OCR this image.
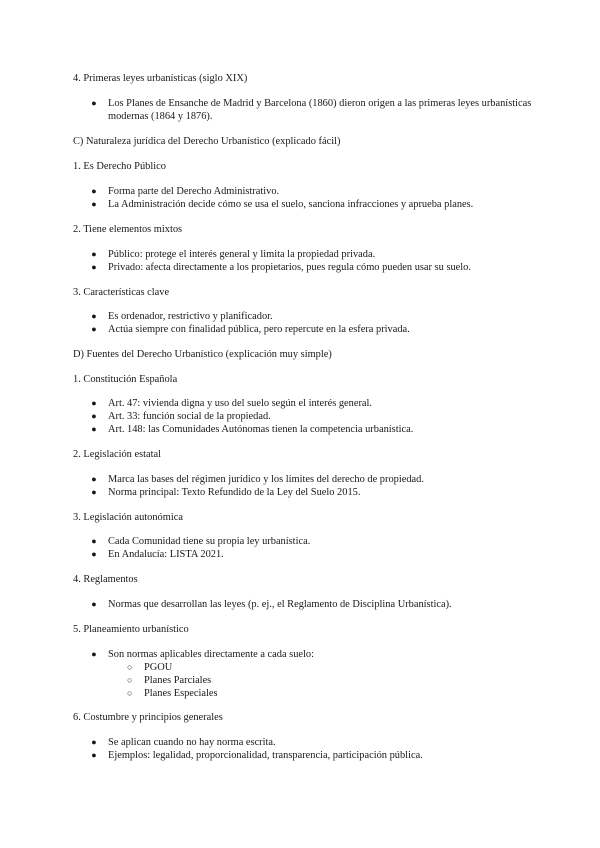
4. Primeras leyes urbanísticas (siglo XIX)
● Los Planes de Ensanche de Madrid y Barcelona (1860) dieron origen a las primeras leyes urbanísticas modernas (1864 y 1876).
C) Naturaleza jurídica del Derecho Urbanístico (explicado fácil)
1. Es Derecho Público
● Forma parte del Derecho Administrativo.
● La Administración decide cómo se usa el suelo, sanciona infracciones y aprueba planes.
2. Tiene elementos mixtos
● Público: protege el interés general y limita la propiedad privada.
● Privado: afecta directamente a los propietarios, pues regula cómo pueden usar su suelo.
3. Características clave
● Es ordenador, restrictivo y planificador.
● Actúa siempre con finalidad pública, pero repercute en la esfera privada.
D) Fuentes del Derecho Urbanístico (explicación muy simple)
1. Constitución Española
● Art. 47: vivienda digna y uso del suelo según el interés general.
● Art. 33: función social de la propiedad.
● Art. 148: las Comunidades Autónomas tienen la competencia urbanística.
2. Legislación estatal
● Marca las bases del régimen jurídico y los límites del derecho de propiedad.
● Norma principal: Texto Refundido de la Ley del Suelo 2015.
3. Legislación autonómica
● Cada Comunidad tiene su propia ley urbanística.
● En Andalucía: LISTA 2021.
4. Reglamentos
● Normas que desarrollan las leyes (p. ej., el Reglamento de Disciplina Urbanística).
5. Planeamiento urbanístico
● Son normas aplicables directamente a cada suelo:
○ PGOU
○ Planes Parciales
○ Planes Especiales
6. Costumbre y principios generales
● Se aplican cuando no hay norma escrita.
● Ejemplos: legalidad, proporcionalidad, transparencia, participación pública.
